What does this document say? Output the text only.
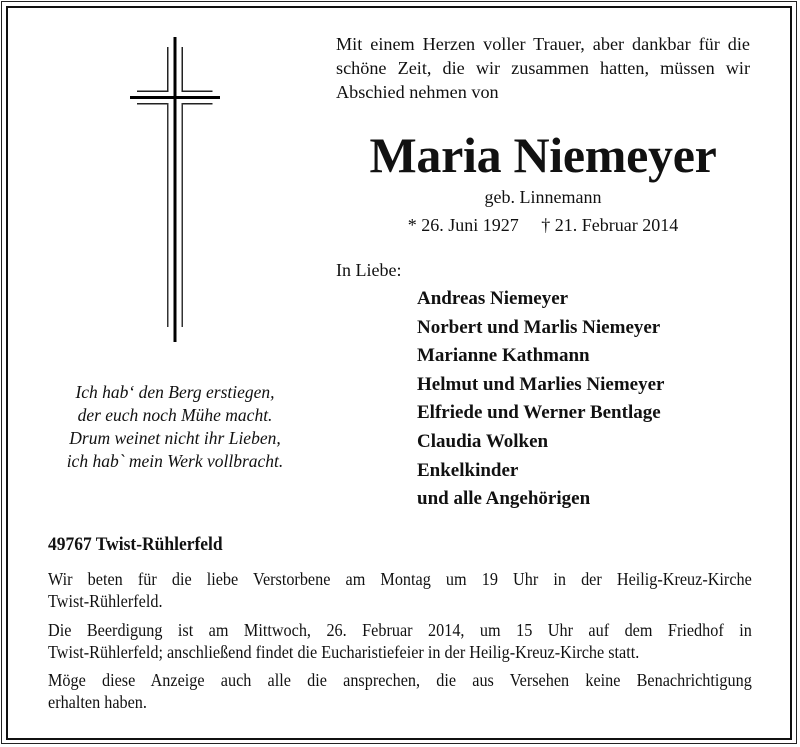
Mit einem Herzen voller Trauer, aber dankbar für die
schöne Zeit, die wir zusammen hatten, müssen wir
Abschied nehmen von
Maria Niemeyer
geb. Linnemann
* 26. Juni 1927     † 21. Februar 2014
In Liebe:
Andreas Niemeyer
Norbert und Marlis Niemeyer
Marianne Kathmann
Helmut und Marlies Niemeyer
Elfriede und Werner Bentlage
Claudia Wolken
Enkelkinder
und alle Angehörigen
Ich hab‘ den Berg erstiegen,
der euch noch Mühe macht.
Drum weinet nicht ihr Lieben,
ich hab` mein Werk vollbracht.
49767 Twist-Rühlerfeld
Wir beten für die liebe Verstorbene am Montag um 19 Uhr in der Heilig-Kreuz-Kirche
Twist-Rühlerfeld.
Die Beerdigung ist am Mittwoch, 26. Februar 2014, um 15 Uhr auf dem Friedhof in
Twist-Rühlerfeld; anschließend findet die Eucharistiefeier in der Heilig-Kreuz-Kirche statt.
Möge diese Anzeige auch alle die ansprechen, die aus Versehen keine Benachrichtigung
erhalten haben.
